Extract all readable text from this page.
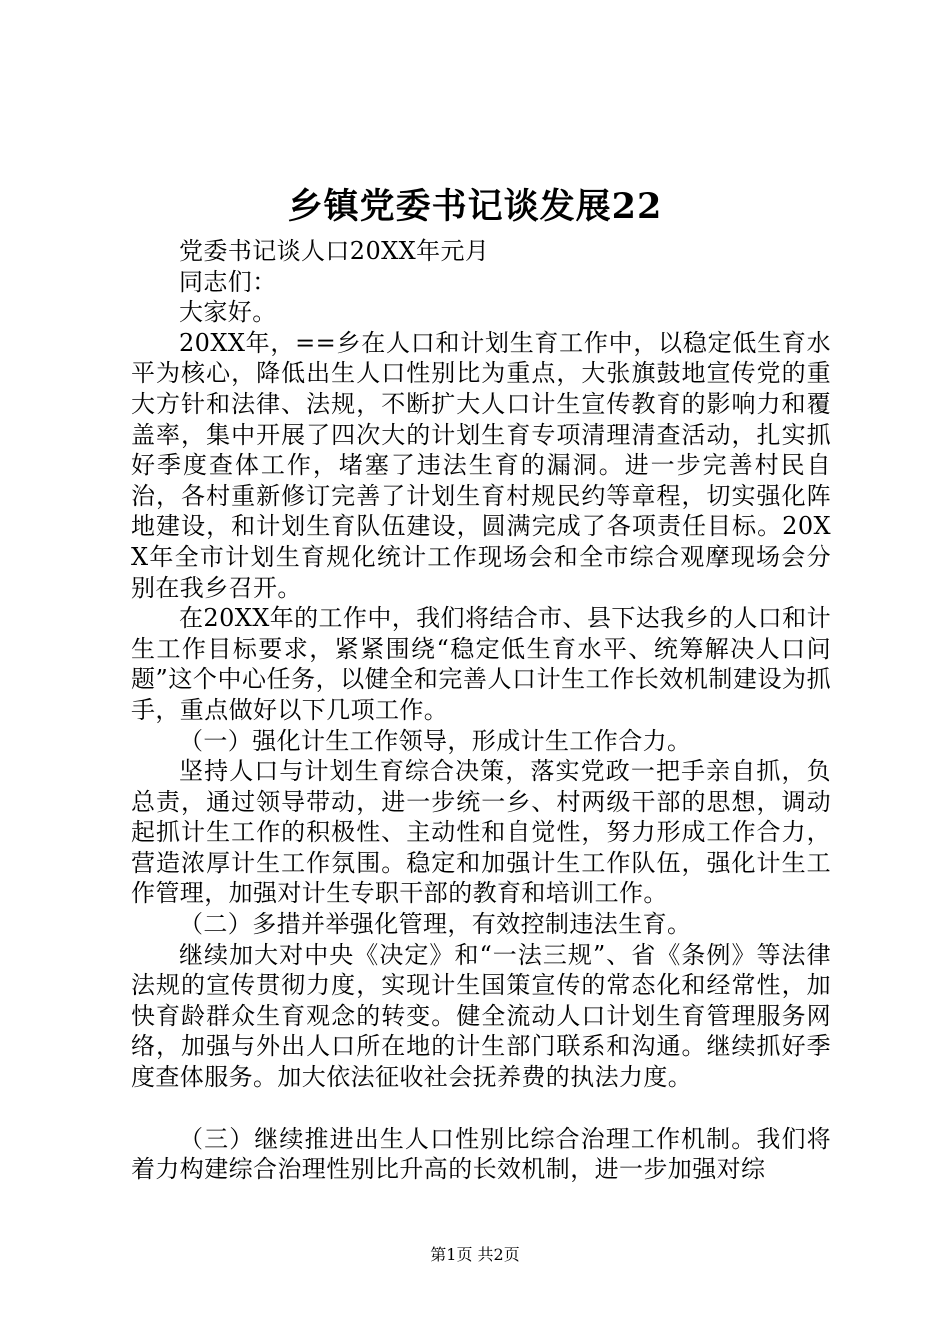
乡镇党委书记谈发展22

党委书记谈人口20XX年元月

同志们：

大家好。

20XX年，==乡在人口和计划生育工作中，以稳定低生育水平为核心，降低出生人口性别比为重点，大张旗鼓地宣传党的重大方针和法律、法规，不断扩大人口计生宣传教育的影响力和覆盖率，集中开展了四次大的计划生育专项清理清查活动，扎实抓好季度查体工作，堵塞了违法生育的漏洞。进一步完善村民自治，各村重新修订完善了计划生育村规民约等章程，切实强化阵地建设，和计划生育队伍建设，圆满完成了各项责任目标。20XX年全市计划生育规化统计工作现场会和全市综合观摩现场会分别在我乡召开。

在20XX年的工作中，我们将结合市、县下达我乡的人口和计生工作目标要求，紧紧围绕“稳定低生育水平、统筹解决人口问题”这个中心任务，以健全和完善人口计生工作长效机制建设为抓手，重点做好以下几项工作。

（一）强化计生工作领导，形成计生工作合力。

坚持人口与计划生育综合决策，落实党政一把手亲自抓，负总责，通过领导带动，进一步统一乡、村两级干部的思想，调动起抓计生工作的积极性、主动性和自觉性，努力形成工作合力，营造浓厚计生工作氛围。稳定和加强计生工作队伍，强化计生工作管理，加强对计生专职干部的教育和培训工作。

（二）多措并举强化管理，有效控制违法生育。

继续加大对中央《决定》和“一法三规”、省《条例》等法律法规的宣传贯彻力度，实现计生国策宣传的常态化和经常性，加快育龄群众生育观念的转变。健全流动人口计划生育管理服务网络，加强与外出人口所在地的计生部门联系和沟通。继续抓好季度查体服务。加大依法征收社会抚养费的执法力度。

（三）继续推进出生人口性别比综合治理工作机制。我们将着力构建综合治理性别比升高的长效机制，进一步加强对综

第1页 共2页
